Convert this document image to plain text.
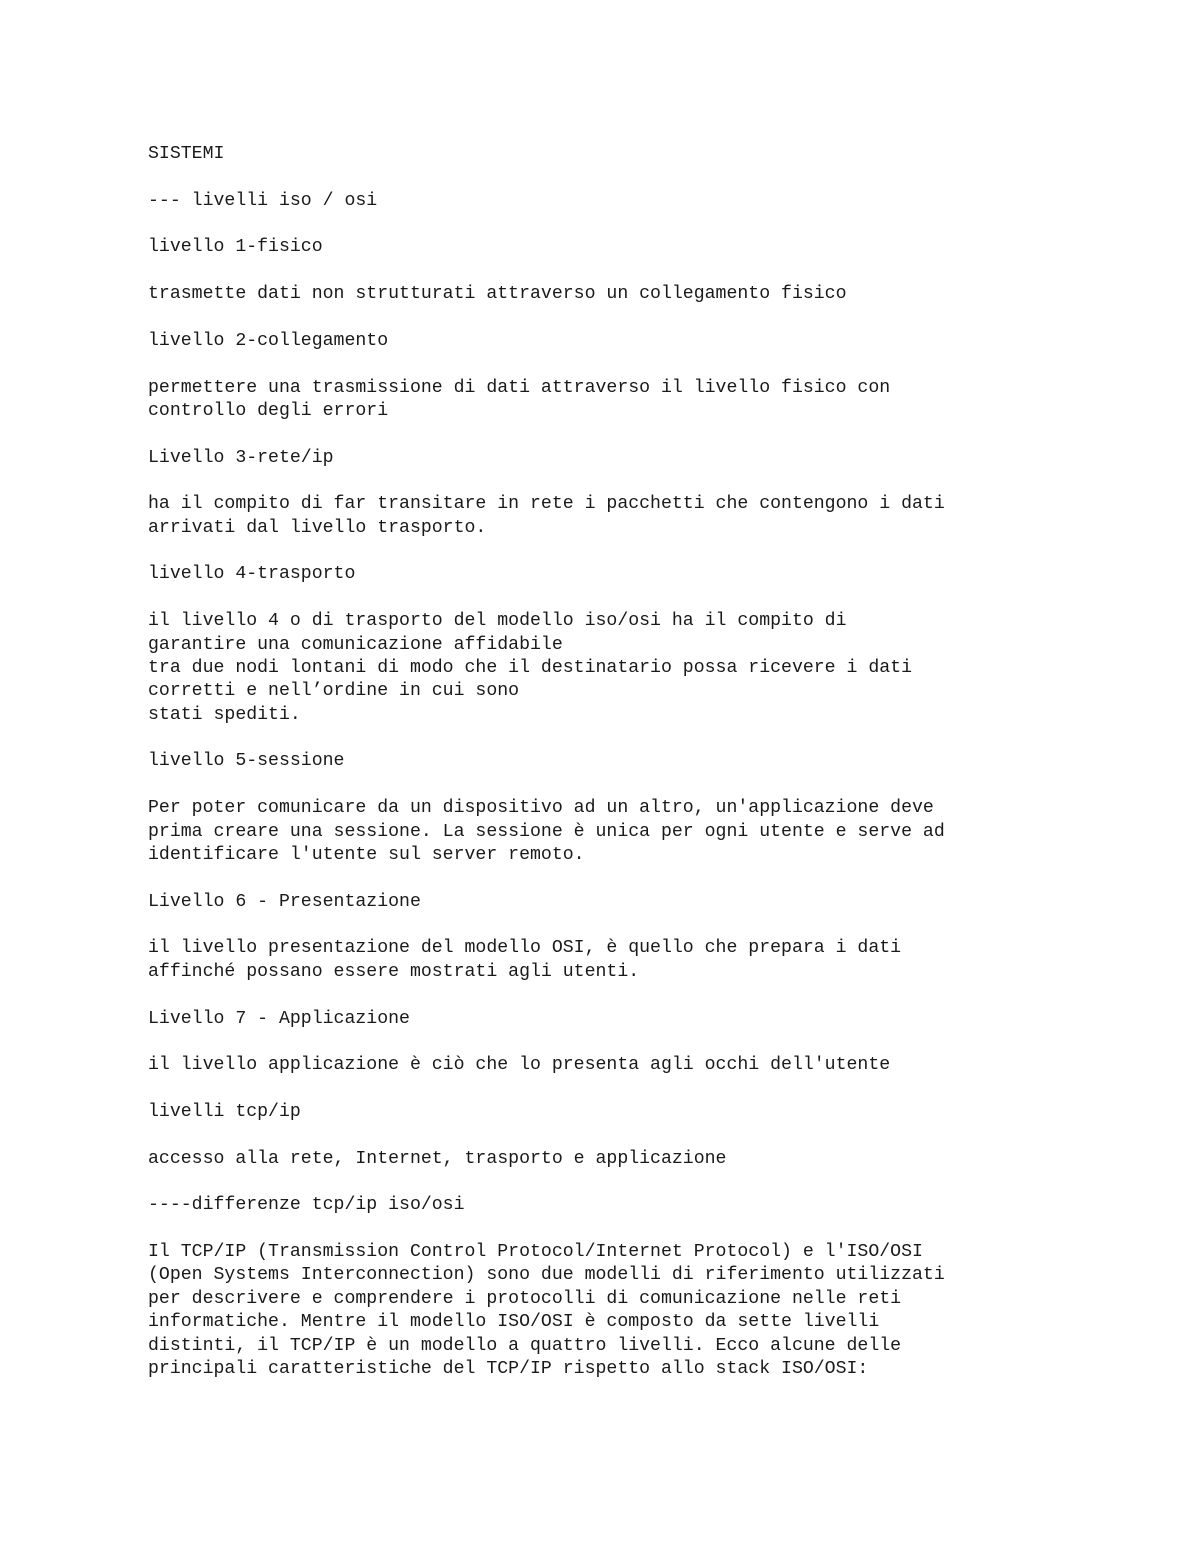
SISTEMI
--- livelli iso / osi
livello 1-fisico
trasmette dati non strutturati attraverso un collegamento fisico
livello 2-collegamento
permettere una trasmissione di dati attraverso il livello fisico con
controllo degli errori
Livello 3-rete/ip
ha il compito di far transitare in rete i pacchetti che contengono i dati
arrivati dal livello trasporto.
livello 4-trasporto
il livello 4 o di trasporto del modello iso/osi ha il compito di
garantire una comunicazione affidabile
tra due nodi lontani di modo che il destinatario possa ricevere i dati
corretti e nell’ordine in cui sono
stati spediti.
livello 5-sessione
Per poter comunicare da un dispositivo ad un altro, un'applicazione deve
prima creare una sessione. La sessione è unica per ogni utente e serve ad
identificare l'utente sul server remoto.
Livello 6 - Presentazione
il livello presentazione del modello OSI, è quello che prepara i dati
affinché possano essere mostrati agli utenti.
Livello 7 - Applicazione
il livello applicazione è ciò che lo presenta agli occhi dell'utente
livelli tcp/ip
accesso alla rete, Internet, trasporto e applicazione
----differenze tcp/ip iso/osi
Il TCP/IP (Transmission Control Protocol/Internet Protocol) e l'ISO/OSI
(Open Systems Interconnection) sono due modelli di riferimento utilizzati
per descrivere e comprendere i protocolli di comunicazione nelle reti
informatiche. Mentre il modello ISO/OSI è composto da sette livelli
distinti, il TCP/IP è un modello a quattro livelli. Ecco alcune delle
principali caratteristiche del TCP/IP rispetto allo stack ISO/OSI:
